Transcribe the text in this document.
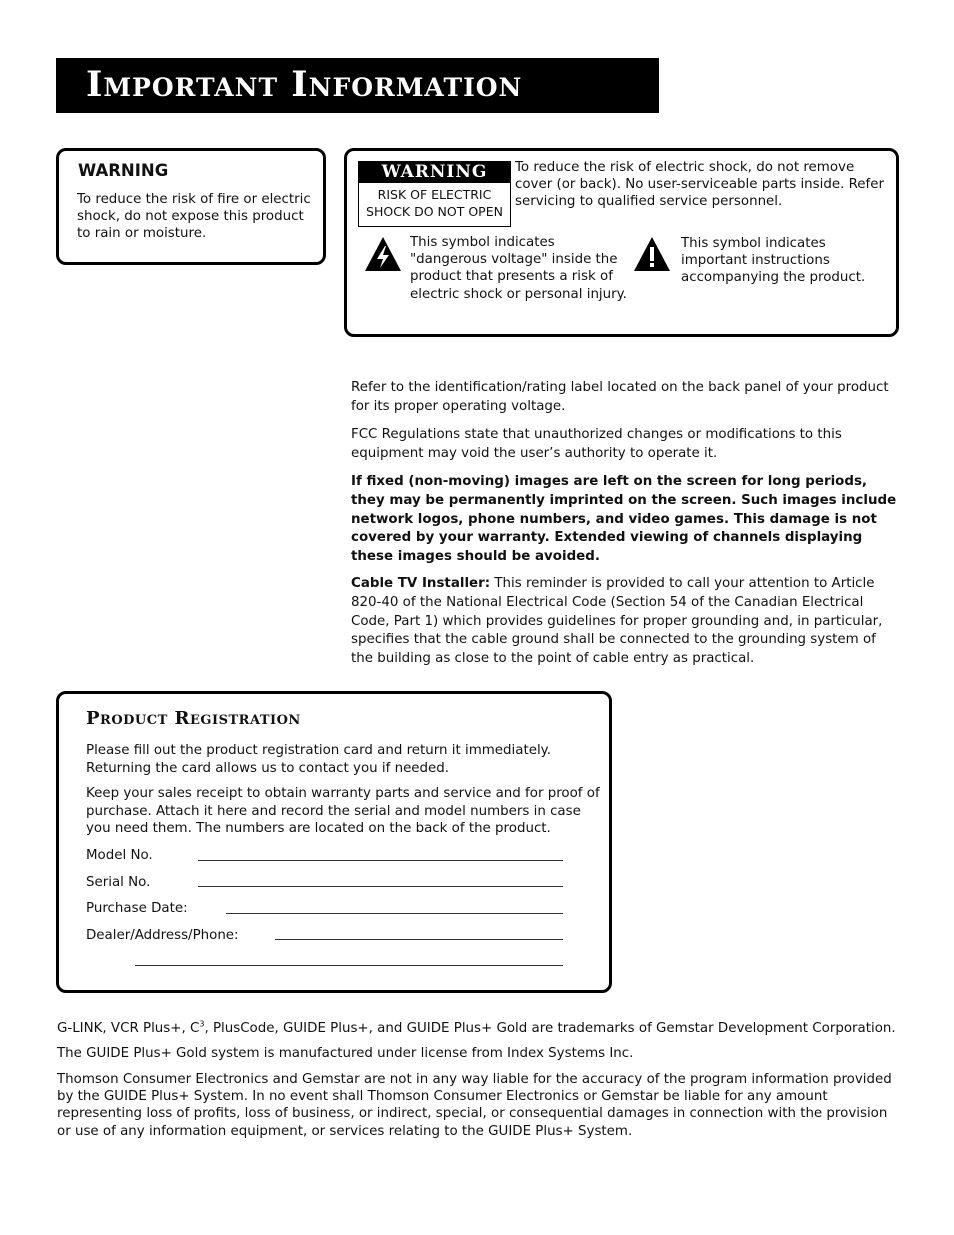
Important Information
WARNING
To reduce the risk of fire or electric shock, do not expose this product to rain or moisture.
WARNING
RISK OF ELECTRIC
SHOCK DO NOT OPEN
To reduce the risk of electric shock, do not remove cover (or back). No user-serviceable parts inside. Refer servicing to qualified service personnel.
This symbol indicates "dangerous voltage" inside the product that presents a risk of electric shock or personal injury.
This symbol indicates important instructions accompanying the product.

Refer to the identification/rating label located on the back panel of your product for its proper operating voltage.

FCC Regulations state that unauthorized changes or modifications to this equipment may void the user’s authority to operate it.

If fixed (non-moving) images are left on the screen for long periods, they may be permanently imprinted on the screen. Such images include network logos, phone numbers, and video games. This damage is not covered by your warranty. Extended viewing of channels displaying these images should be avoided.

Cable TV Installer: This reminder is provided to call your attention to Article 820-40 of the National Electrical Code (Section 54 of the Canadian Electrical Code, Part 1) which provides guidelines for proper grounding and, in particular, specifies that the cable ground shall be connected to the grounding system of the building as close to the point of cable entry as practical.

Product Registration

Please fill out the product registration card and return it immediately. Returning the card allows us to contact you if needed.

Keep your sales receipt to obtain warranty parts and service and for proof of purchase. Attach it here and record the serial and model numbers in case you need them. The numbers are located on the back of the product.

Model No.
Serial No.
Purchase Date:
Dealer/Address/Phone:

G-LINK, VCR Plus+, $C^3$, PlusCode, GUIDE Plus+, and GUIDE Plus+ Gold are trademarks of Gemstar Development Corporation.

The GUIDE Plus+ Gold system is manufactured under license from Index Systems Inc.

Thomson Consumer Electronics and Gemstar are not in any way liable for the accuracy of the program information provided by the GUIDE Plus+ System. In no event shall Thomson Consumer Electronics or Gemstar be liable for any amount representing loss of profits, loss of business, or indirect, special, or consequential damages in connection with the provision or use of any information equipment, or services relating to the GUIDE Plus+ System.
